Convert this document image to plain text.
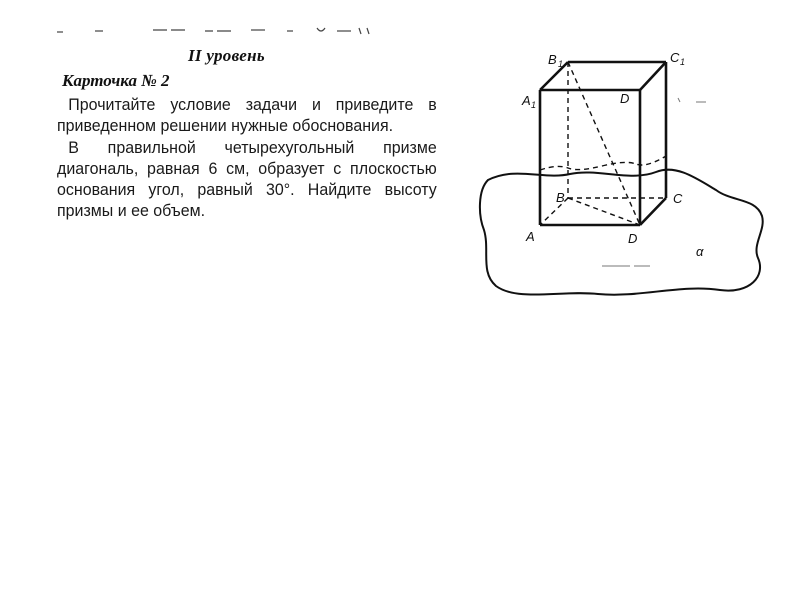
II уровень
Карточка № 2

Прочитайте условие задачи и приведите в приведенном решении нужные обоснования.

В правильной четырехугольный призме диагональ, равная 6 см, образует с плоскостью основания угол, равный 30°. Найдите высоту призмы и ее объем.

B 1	C 1
A 1	D
B	C
A	D
α
